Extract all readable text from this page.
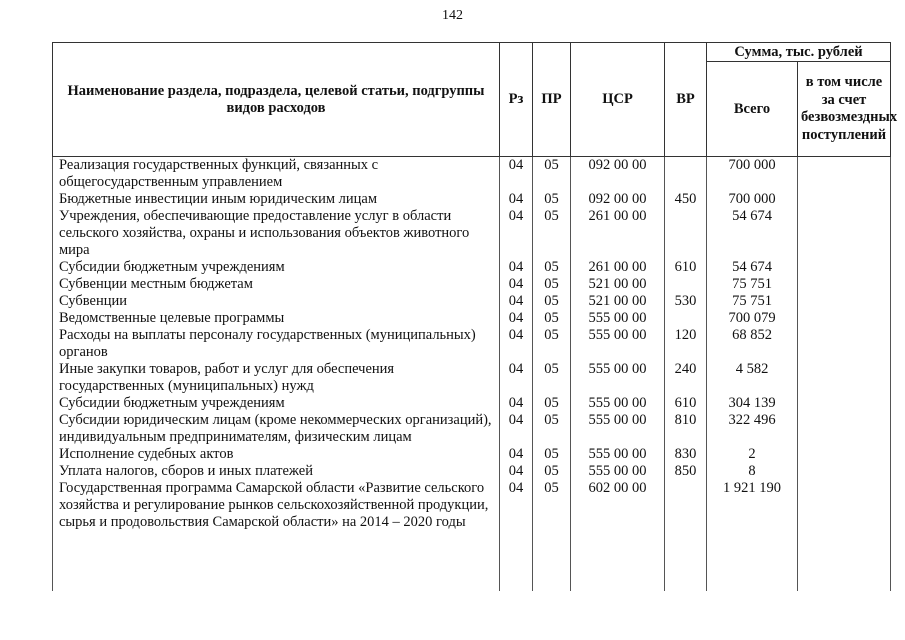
142
Наименование раздела, подраздела, целевой статьи, подгруппы видов расходов	Рз	ПР	ЦСР	ВР	Сумма, тыс. рублей	
					Всего	в том числе за счет безвозмездных поступлений
Реализация государственных функций, связанных с общегосударственным управлением	04	05	092 00 00		700 000	
Бюджетные инвестиции иным юридическим лицам	04	05	092 00 00	450	700 000	
Учреждения, обеспечивающие предоставление услуг в области сельского хозяйства, охраны и использования объектов животного мира	04	05	261 00 00		54 674	
Субсидии бюджетным учреждениям	04	05	261 00 00	610	54 674	
Субвенции местным бюджетам	04	05	521 00 00		75 751	
Субвенции	04	05	521 00 00	530	75 751	
Ведомственные целевые программы	04	05	555 00 00		700 079	
Расходы на выплаты персоналу государственных (муниципальных) органов	04	05	555 00 00	120	68 852	
Иные закупки товаров, работ и услуг для обеспечения государственных (муниципальных) нужд	04	05	555 00 00	240	4 582	
Субсидии бюджетным учреждениям	04	05	555 00 00	610	304 139	
Субсидии юридическим лицам (кроме некоммерческих организаций), индивидуальным предпринимателям, физическим лицам	04	05	555 00 00	810	322 496	
Исполнение судебных актов	04	05	555 00 00	830	2	
Уплата налогов, сборов и иных платежей	04	05	555 00 00	850	8	
Государственная программа Самарской области «Развитие сельского хозяйства и регулирование рынков сельскохозяйственной продукции, сырья и продовольствия Самарской области» на 2014 – 2020 годы	04	05	602 00 00		1 921 190	
